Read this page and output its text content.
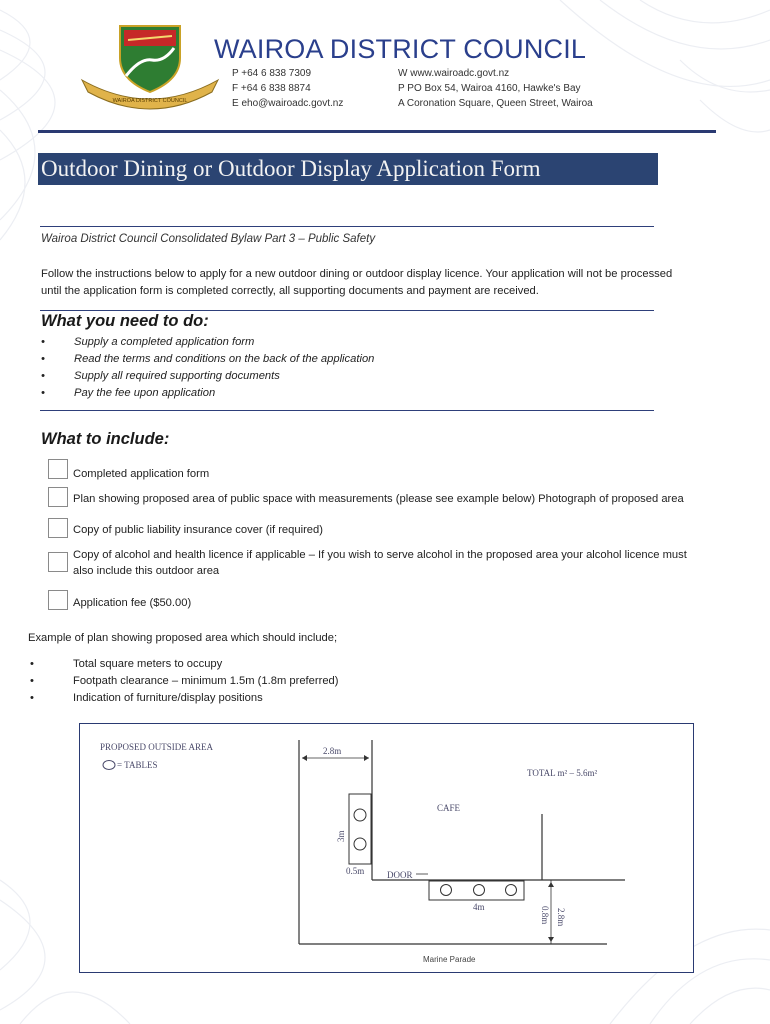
WAIROA DISTRICT COUNCIL
WAIROA DISTRICT COUNCIL
P +64 6 838 7309
F +64 6 838 8874
E eho@wairoadc.govt.nz
W www.wairoadc.govt.nz
P PO Box 54, Wairoa 4160, Hawke's Bay
A Coronation Square, Queen Street, Wairoa
Outdoor Dining or Outdoor Display Application Form
Wairoa District Council Consolidated Bylaw Part 3 – Public Safety
Follow the instructions below to apply for a new outdoor dining or outdoor display licence. Your application will not be processed
until the application form is completed correctly, all supporting documents and payment are received.
What you need to do:
•	Supply a completed application form
•	Read the terms and conditions on the back of the application
•	Supply all required supporting documents
•	Pay the fee upon application
What to include:
Completed application form
Plan showing proposed area of public space with measurements (please see example below) Photograph of proposed area
Copy of public liability insurance cover (if required)
Copy of alcohol and health licence if applicable – If you wish to serve alcohol in the proposed area your alcohol licence must
also include this outdoor area
Application fee ($50.00)
Example of plan showing proposed area which should include;
•	Total square meters to occupy
•	Footpath clearance – minimum 1.5m (1.8m preferred)
•	Indication of furniture/display positions
PROPOSED OUTSIDE AREA
= TABLES
2.8m
TOTAL m² – 5.6m²
CAFE
3m
0.5m	DOOR
4m	0.8m 2.8m
Marine Parade
